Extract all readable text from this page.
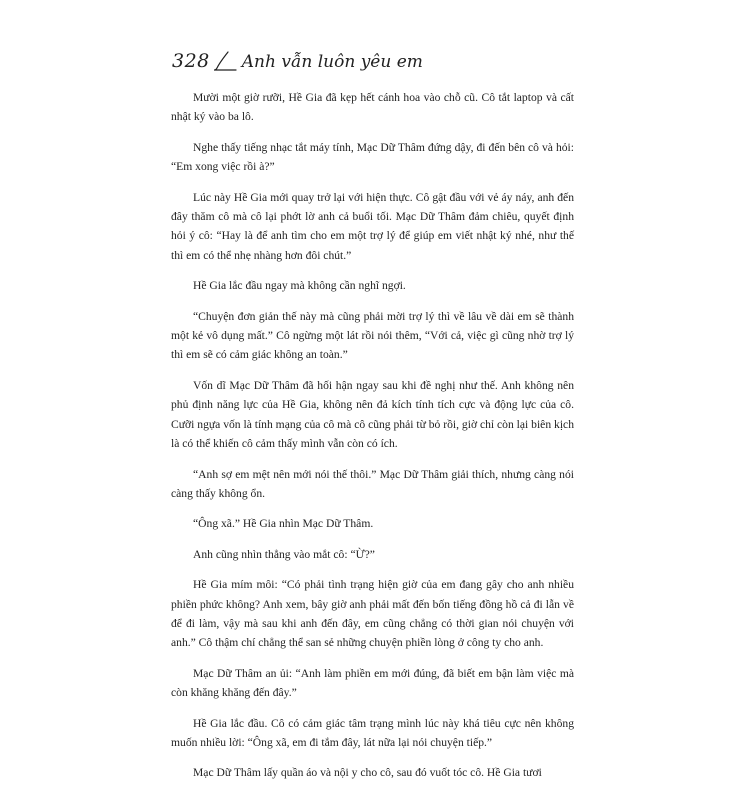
328 Anh vẫn luôn yêu em

Mười một giờ rưỡi, Hề Gia đã kẹp hết cánh hoa vào chỗ cũ. Cô tắt laptop và cất nhật ký vào ba lô.

Nghe thấy tiếng nhạc tắt máy tính, Mạc Dữ Thâm đứng dậy, đi đến bên cô và hỏi: “Em xong việc rồi à?”

Lúc này Hề Gia mới quay trở lại với hiện thực. Cô gật đầu với vẻ áy náy, anh đến đây thăm cô mà cô lại phớt lờ anh cả buổi tối. Mạc Dữ Thâm đảm chiêu, quyết định hỏi ý cô: “Hay là để anh tìm cho em một trợ lý để giúp em viết nhật ký nhé, như thế thì em có thể nhẹ nhàng hơn đôi chút.”

Hề Gia lắc đầu ngay mà không cần nghĩ ngợi.

“Chuyện đơn giản thế này mà cũng phải mời trợ lý thì về lâu về dài em sẽ thành một kẻ vô dụng mất.” Cô ngừng một lát rồi nói thêm, “Với cả, việc gì cũng nhờ trợ lý thì em sẽ có cảm giác không an toàn.”

Vốn dĩ Mạc Dữ Thâm đã hối hận ngay sau khi đề nghị như thế. Anh không nên phủ định năng lực của Hề Gia, không nên đả kích tính tích cực và động lực của cô. Cưỡi ngựa vốn là tính mạng của cô mà cô cũng phải từ bỏ rồi, giờ chỉ còn lại biên kịch là có thể khiến cô cảm thấy mình vẫn còn có ích.

“Anh sợ em mệt nên mới nói thế thôi.” Mạc Dữ Thâm giải thích, nhưng càng nói càng thấy không ổn.

“Ông xã.” Hề Gia nhìn Mạc Dữ Thâm.

Anh cũng nhìn thẳng vào mắt cô: “Ừ?”

Hề Gia mím môi: “Có phải tình trạng hiện giờ của em đang gây cho anh nhiều phiền phức không? Anh xem, bây giờ anh phải mất đến bốn tiếng đồng hồ cả đi lẫn về để đi làm, vậy mà sau khi anh đến đây, em cũng chẳng có thời gian nói chuyện với anh.” Cô thậm chí chẳng thể san sẻ những chuyện phiền lòng ở công ty cho anh.

Mạc Dữ Thâm an ủi: “Anh làm phiền em mới đúng, đã biết em bận làm việc mà còn khăng khăng đến đây.”

Hề Gia lắc đầu. Cô có cảm giác tâm trạng mình lúc này khá tiêu cực nên không muốn nhiều lời: “Ông xã, em đi tắm đây, lát nữa lại nói chuyện tiếp.”

Mạc Dữ Thâm lấy quần áo và nội y cho cô, sau đó vuốt tóc cô. Hề Gia tươi
